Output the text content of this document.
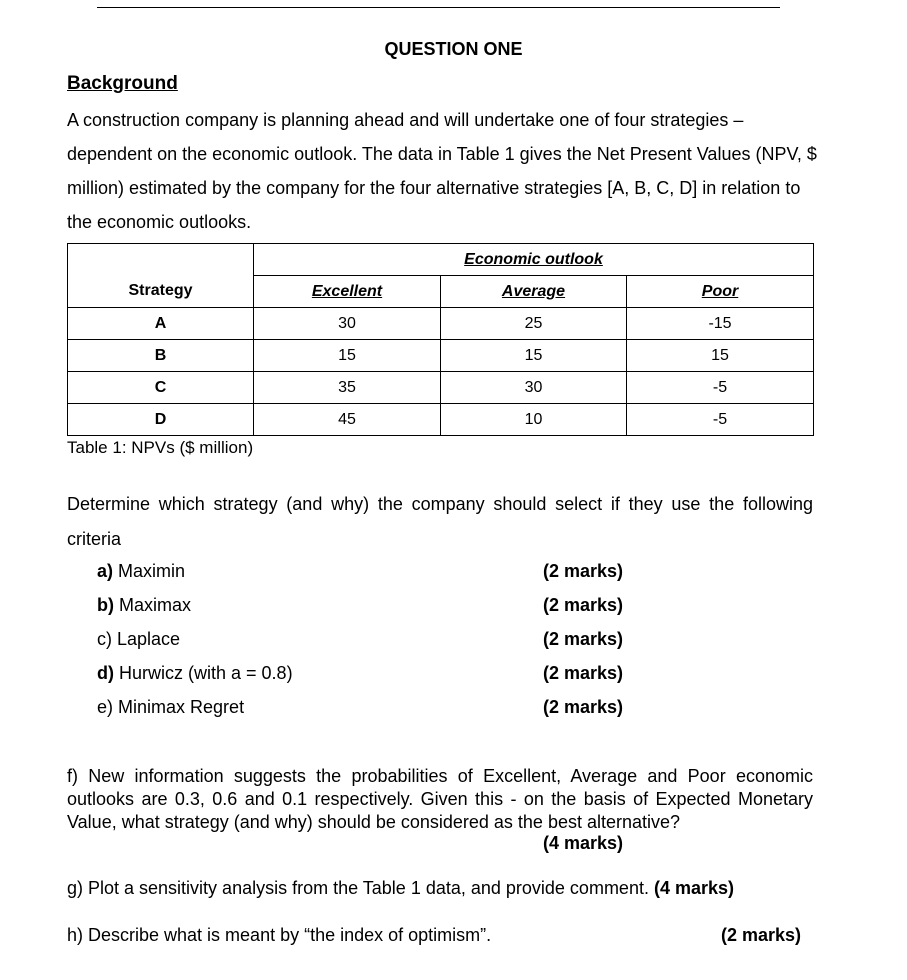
QUESTION ONE
Background
A construction company is planning ahead and will undertake one of four strategies – dependent on the economic outlook. The data in Table 1 gives the Net Present Values (NPV, $ million) estimated by the company for the four alternative strategies [A, B, C, D] in relation to the economic outlooks.
	Economic outlook		
Strategy	Excellent	Average	Poor
A	30	25	-15
B	15	15	15
C	35	30	-5
D	45	10	-5
Table 1: NPVs ($ million)
Determine which strategy (and why) the company should select if they use the following criteria
a) Maximin	(2 marks)
b) Maximax	(2 marks)
c) Laplace	(2 marks)
d) Hurwicz (with a = 0.8)	(2 marks)
e) Minimax Regret	(2 marks)
f) New information suggests the probabilities of Excellent, Average and Poor economic outlooks are 0.3, 0.6 and 0.1 respectively. Given this - on the basis of Expected Monetary Value, what strategy (and why) should be considered as the best alternative?
(4 marks)
g) Plot a sensitivity analysis from the Table 1 data, and provide comment. (4 marks)
h) Describe what is meant by “the index of optimism”.	(2 marks)
